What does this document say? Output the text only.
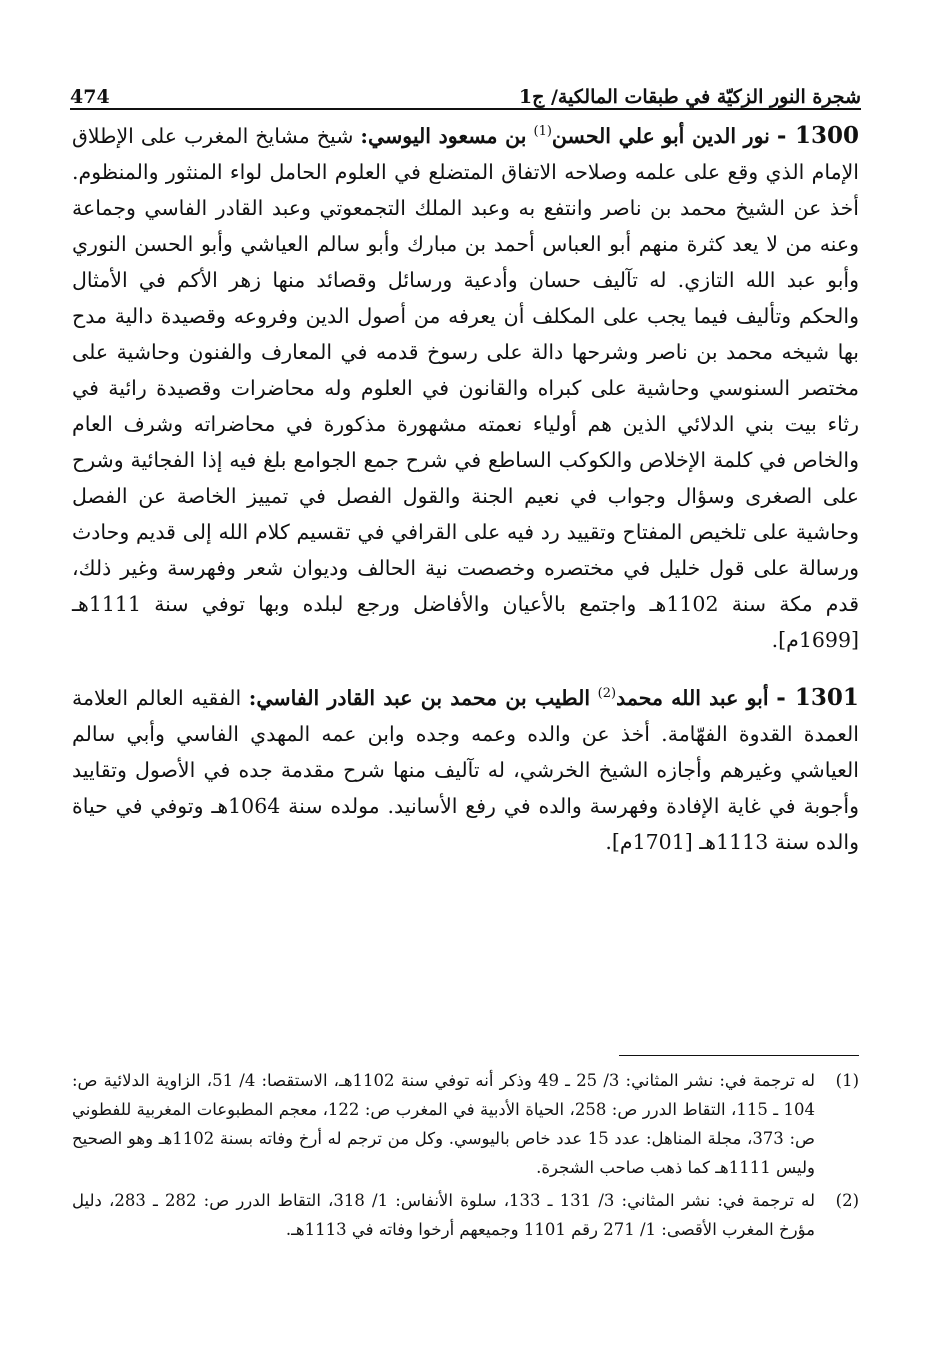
شجرة النور الزكيّة في طبقات المالكية/ ج1
474

1300 - نور الدين أبو علي الحسن$^{(1)}$ بن مسعود اليوسي: شيخ مشايخ المغرب على الإطلاق الإمام الذي وقع على علمه وصلاحه الاتفاق المتضلع في العلوم الحامل لواء المنثور والمنظوم. أخذ عن الشيخ محمد بن ناصر وانتفع به وعبد الملك التجمعوتي وعبد القادر الفاسي وجماعة وعنه من لا يعد كثرة منهم أبو العباس أحمد بن مبارك وأبو سالم العياشي وأبو الحسن النوري وأبو عبد الله التازي. له تآليف حسان وأدعية ورسائل وقصائد منها زهر الأكم في الأمثال والحكم وتأليف فيما يجب على المكلف أن يعرفه من أصول الدين وفروعه وقصيدة دالية مدح بها شيخه محمد بن ناصر وشرحها دالة على رسوخ قدمه في المعارف والفنون وحاشية على مختصر السنوسي وحاشية على كبراه والقانون في العلوم وله محاضرات وقصيدة رائية في رثاء بيت بني الدلائي الذين هم أولياء نعمته مشهورة مذكورة في محاضراته وشرف العام والخاص في كلمة الإخلاص والكوكب الساطع في شرح جمع الجوامع بلغ فيه إذا الفجائية وشرح على الصغرى وسؤال وجواب في نعيم الجنة والقول الفصل في تمييز الخاصة عن الفصل وحاشية على تلخيص المفتاح وتقييد رد فيه على القرافي في تقسيم كلام الله إلى قديم وحادث ورسالة على قول خليل في مختصره وخصصت نية الحالف وديوان شعر وفهرسة وغير ذلك، قدم مكة سنة 1102هـ واجتمع بالأعيان والأفاضل ورجع لبلده وبها توفي سنة 1111هـ [1699م].

1301 - أبو عبد الله محمد$^{(2)}$ الطيب بن محمد بن عبد القادر الفاسي: الفقيه العالم العلامة العمدة القدوة الفهّامة. أخذ عن والده وعمه وجده وابن عمه المهدي الفاسي وأبي سالم العياشي وغيرهم وأجازه الشيخ الخرشي، له تآليف منها شرح مقدمة جده في الأصول وتقاييد وأجوبة في غاية الإفادة وفهرسة والده في رفع الأسانيد. مولده سنة 1064هـ وتوفي في حياة والده سنة 1113هـ [1701م].

(1)
له ترجمة في: نشر المثاني: 3/ 25 ـ 49 وذكر أنه توفي سنة 1102هـ، الاستقصا: 4/ 51، الزاوية الدلائية ص: 104 ـ 115، التقاط الدرر ص: 258، الحياة الأدبية في المغرب ص: 122، معجم المطبوعات المغربية للفطوني ص: 373، مجلة المناهل: عدد 15 عدد خاص باليوسي. وكل من ترجم له أرخ وفاته بسنة 1102هـ وهو الصحيح وليس 1111هـ كما ذهب صاحب الشجرة.
(2)
له ترجمة في: نشر المثاني: 3/ 131 ـ 133، سلوة الأنفاس: 1/ 318، التقاط الدرر ص: 282 ـ 283، دليل مؤرخ المغرب الأقصى: 1/ 271 رقم 1101 وجميعهم أرخوا وفاته في 1113هـ.
